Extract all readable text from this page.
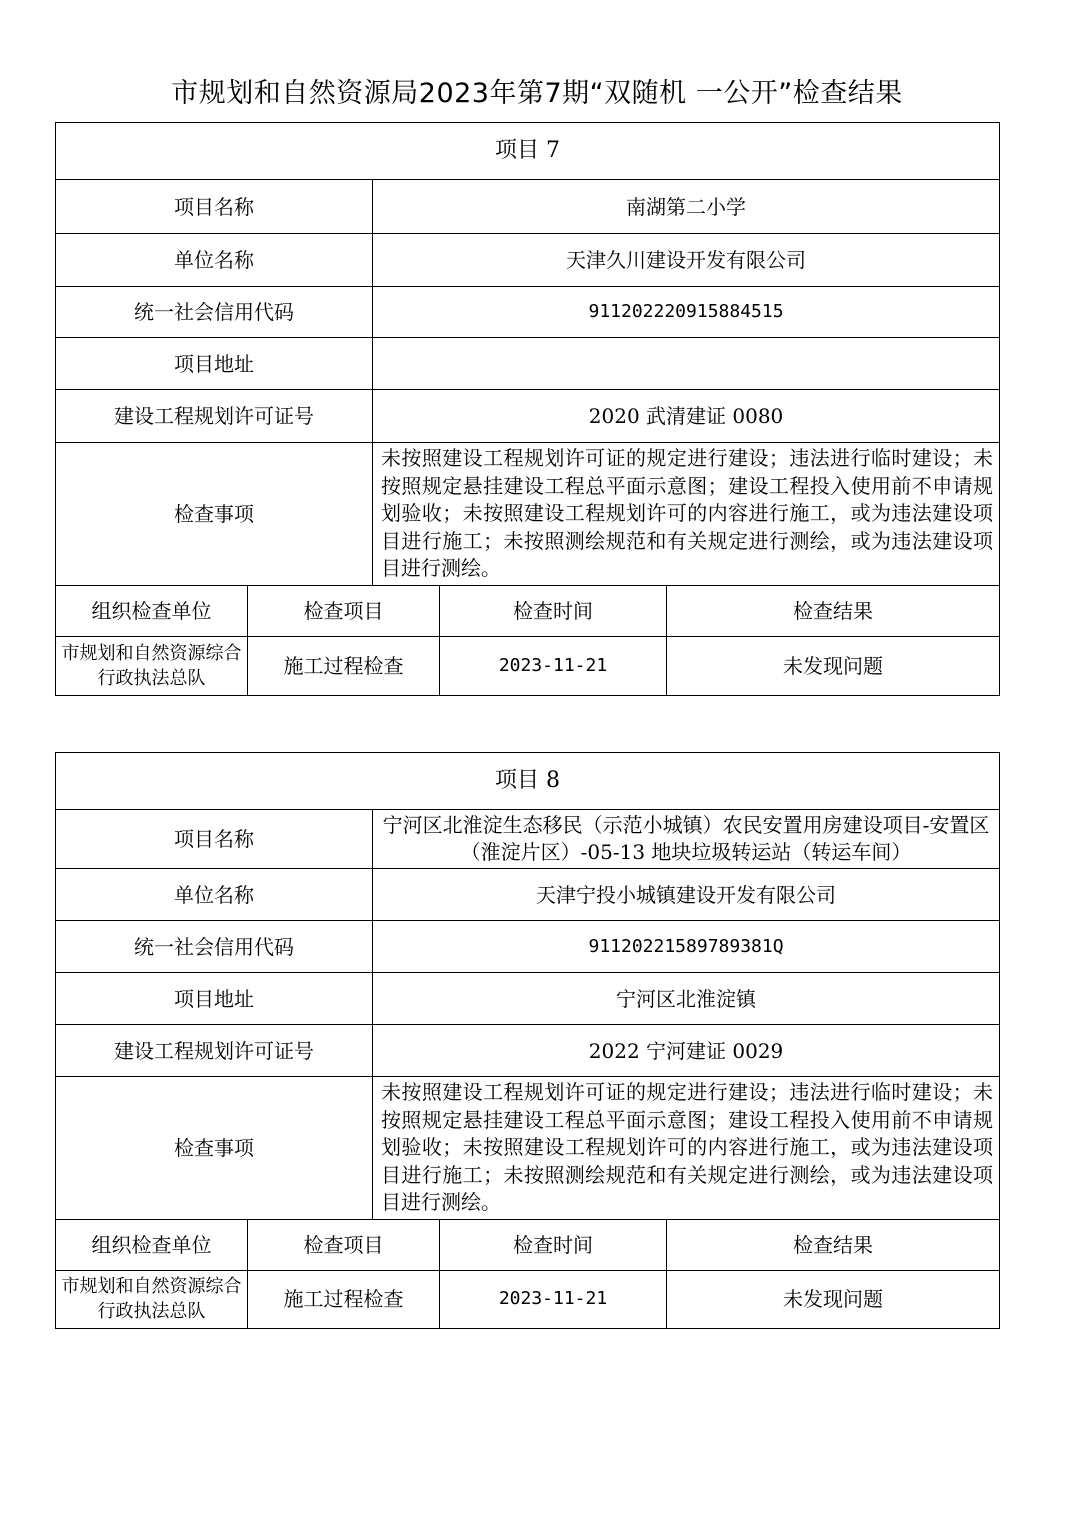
市规划和自然资源局2023年第7期“双随机 一公开”检查结果
项目 7				
项目名称		南湖第二小学		
单位名称		天津久川建设开发有限公司		
统一社会信用代码		911202220915884515		
项目地址				
建设工程规划许可证号		2020 武清建证 0080		
检查事项		未按照建设工程规划许可证的规定进行建设；违法进行临时建设；未按照规定悬挂建设工程总平面示意图；建设工程投入使用前不申请规划验收；未按照建设工程规划许可的内容进行施工，或为违法建设项目进行施工；未按照测绘规范和有关规定进行测绘，或为违法建设项目进行测绘。		
组织检查单位	检查项目		检查时间	检查结果
市规划和自然资源综合行政执法总队	施工过程检查		2023-11-21	未发现问题
项目 8				
项目名称		宁河区北淮淀生态移民（示范小城镇）农民安置用房建设项目-安置区（淮淀片区）-05-13 地块垃圾转运站（转运车间）		
单位名称		天津宁投小城镇建设开发有限公司		
统一社会信用代码		91120221589789381Q		
项目地址		宁河区北淮淀镇		
建设工程规划许可证号		2022 宁河建证 0029		
检查事项		未按照建设工程规划许可证的规定进行建设；违法进行临时建设；未按照规定悬挂建设工程总平面示意图；建设工程投入使用前不申请规划验收；未按照建设工程规划许可的内容进行施工，或为违法建设项目进行施工；未按照测绘规范和有关规定进行测绘，或为违法建设项目进行测绘。		
组织检查单位	检查项目		检查时间	检查结果
市规划和自然资源综合行政执法总队	施工过程检查		2023-11-21	未发现问题
